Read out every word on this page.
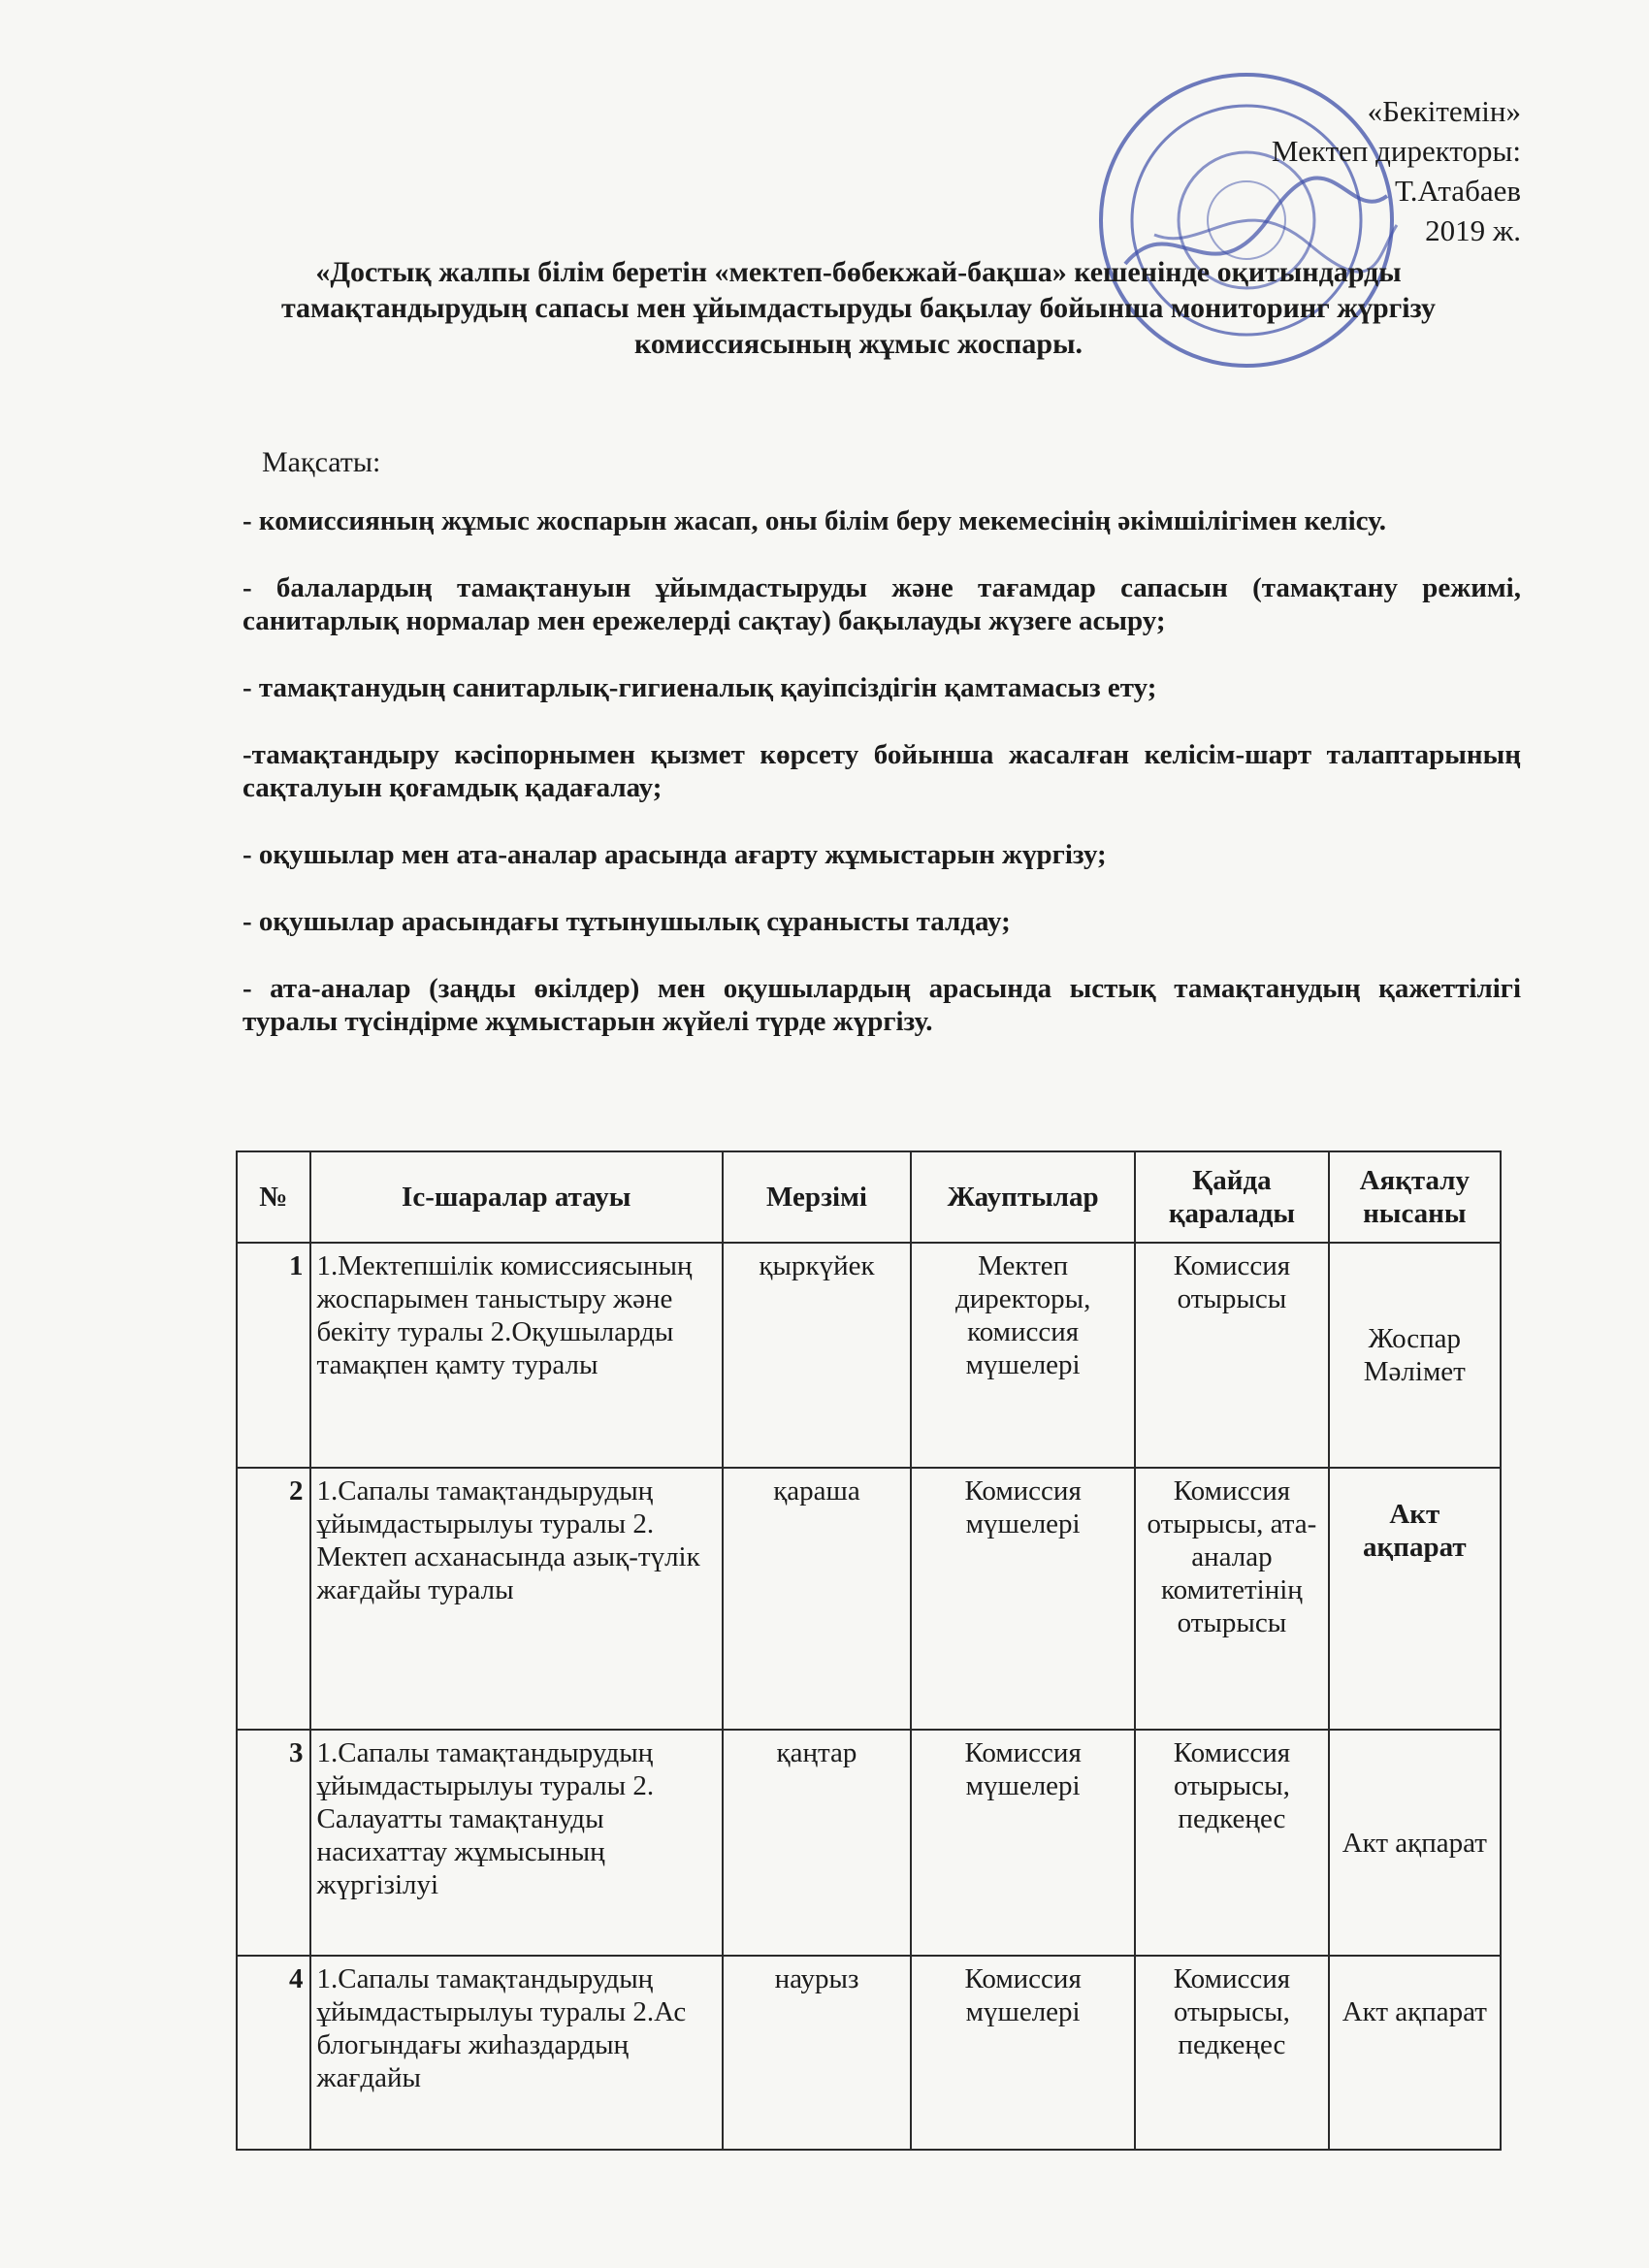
«Бекітемін»
Мектеп директоры:
Т.Атабаев
2019 ж.
«Достық жалпы білім беретін «мектеп-бөбекжай-бақша» кешенінде оқитындарды тамақтандырудың сапасы мен ұйымдастыруды бақылау бойынша мониторинг жүргізу комиссиясының жұмыс жоспары.
Мақсаты:

- комиссияның жұмыс жоспарын жасап, оны білім беру мекемесінің әкімшілігімен келісу.

- балалардың тамақтануын ұйымдастыруды және тағамдар сапасын (тамақтану режимі, санитарлық нормалар мен ережелерді сақтау) бақылауды жүзеге асыру;

- тамақтанудың санитарлық-гигиеналық қауіпсіздігін қамтамасыз ету;

-тамақтандыру кәсіпорнымен қызмет көрсету бойынша жасалған келісім-шарт талаптарының сақталуын қоғамдық қадағалау;

- оқушылар мен ата-аналар арасында ағарту жұмыстарын жүргізу;

- оқушылар арасындағы тұтынушылық сұранысты талдау;

- ата-аналар (заңды өкілдер) мен оқушылардың арасында ыстық тамақтанудың қажеттілігі туралы түсіндірме жұмыстарын жүйелі түрде жүргізу.

№	Іс-шаралар атауы	Мерзімі	Жауптылар	Қайда қаралады	Аяқталу нысаны
1	1.Мектепшілік комиссиясының жоспарымен таныстыру және бекіту туралы 2.Оқушыларды тамақпен қамту туралы	қыркүйек	Мектеп директоры, комиссия мүшелері	Комиссия отырысы	Жоспар Мәлімет
2	1.Сапалы тамақтандырудың ұйымдастырылуы туралы 2. Мектеп асханасында азық-түлік жағдайы туралы	қараша	Комиссия мүшелері	Комиссия отырысы, ата-аналар комитетінің отырысы	Акт ақпарат
3	1.Сапалы тамақтандырудың ұйымдастырылуы туралы 2. Салауатты тамақтануды насихаттау жұмысының жүргізілуі	қаңтар	Комиссия мүшелері	Комиссия отырысы, педкеңес	Акт ақпарат
4	1.Сапалы тамақтандырудың ұйымдастырылуы туралы 2.Ас блогындағы жиһаздардың жағдайы	наурыз	Комиссия мүшелері	Комиссия отырысы, педкеңес	Акт ақпарат
